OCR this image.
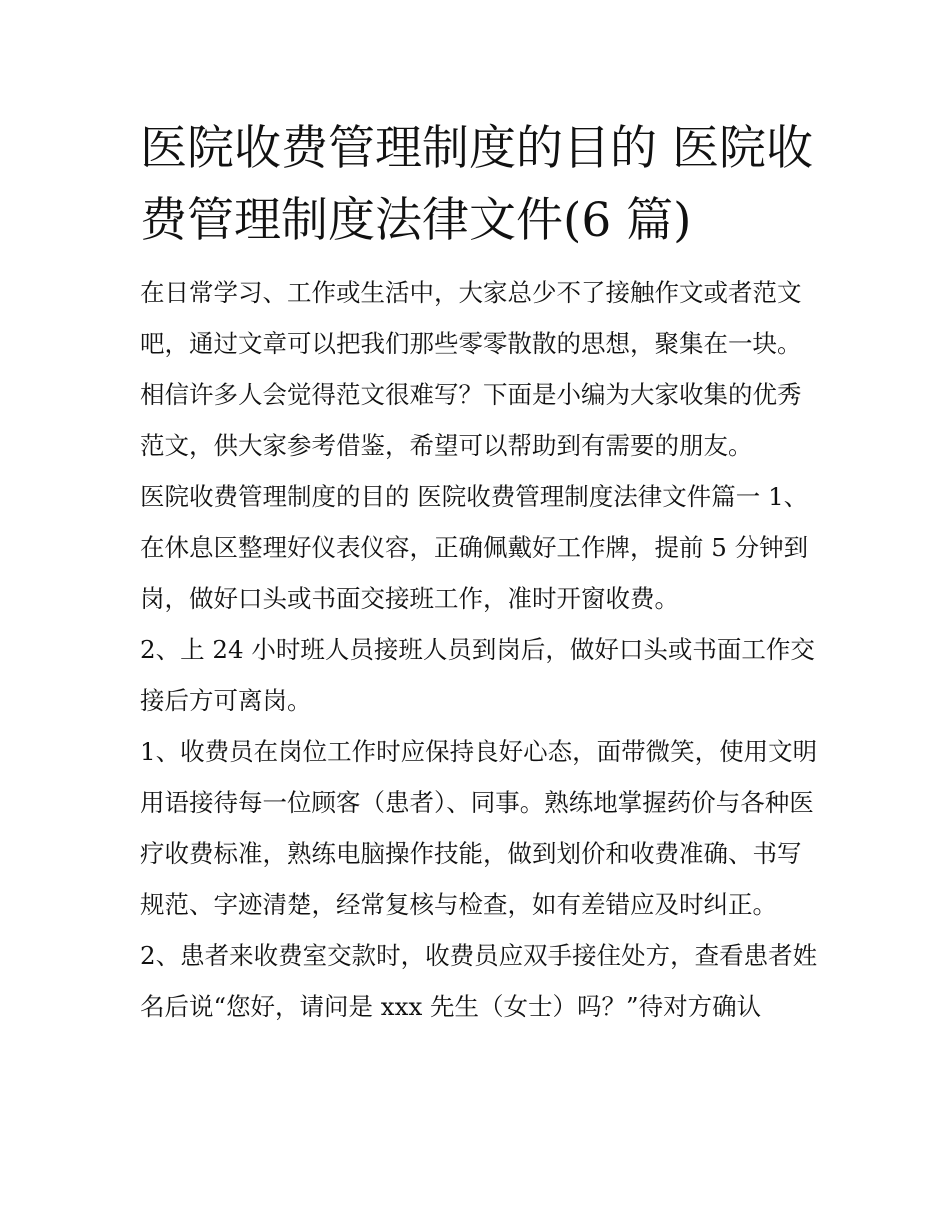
医院收费管理制度的目的 医院收费管理制度法律文件(6 篇)

在日常学习、工作或生活中，大家总少不了接触作文或者范文吧，通过文章可以把我们那些零零散散的思想，聚集在一块。相信许多人会觉得范文很难写？下面是小编为大家收集的优秀范文，供大家参考借鉴，希望可以帮助到有需要的朋友。

医院收费管理制度的目的 医院收费管理制度法律文件篇一 1、在休息区整理好仪表仪容，正确佩戴好工作牌，提前 5 分钟到岗，做好口头或书面交接班工作，准时开窗收费。

2、上 24 小时班人员接班人员到岗后，做好口头或书面工作交接后方可离岗。

1、收费员在岗位工作时应保持良好心态，面带微笑，使用文明用语接待每一位顾客（患者）、同事。熟练地掌握药价与各种医疗收费标准，熟练电脑操作技能，做到划价和收费准确、书写规范、字迹清楚，经常复核与检查，如有差错应及时纠正。

2、患者来收费室交款时，收费员应双手接住处方，查看患者姓名后说“您好，请问是 xxx 先生（女士）吗？”待对方确认
